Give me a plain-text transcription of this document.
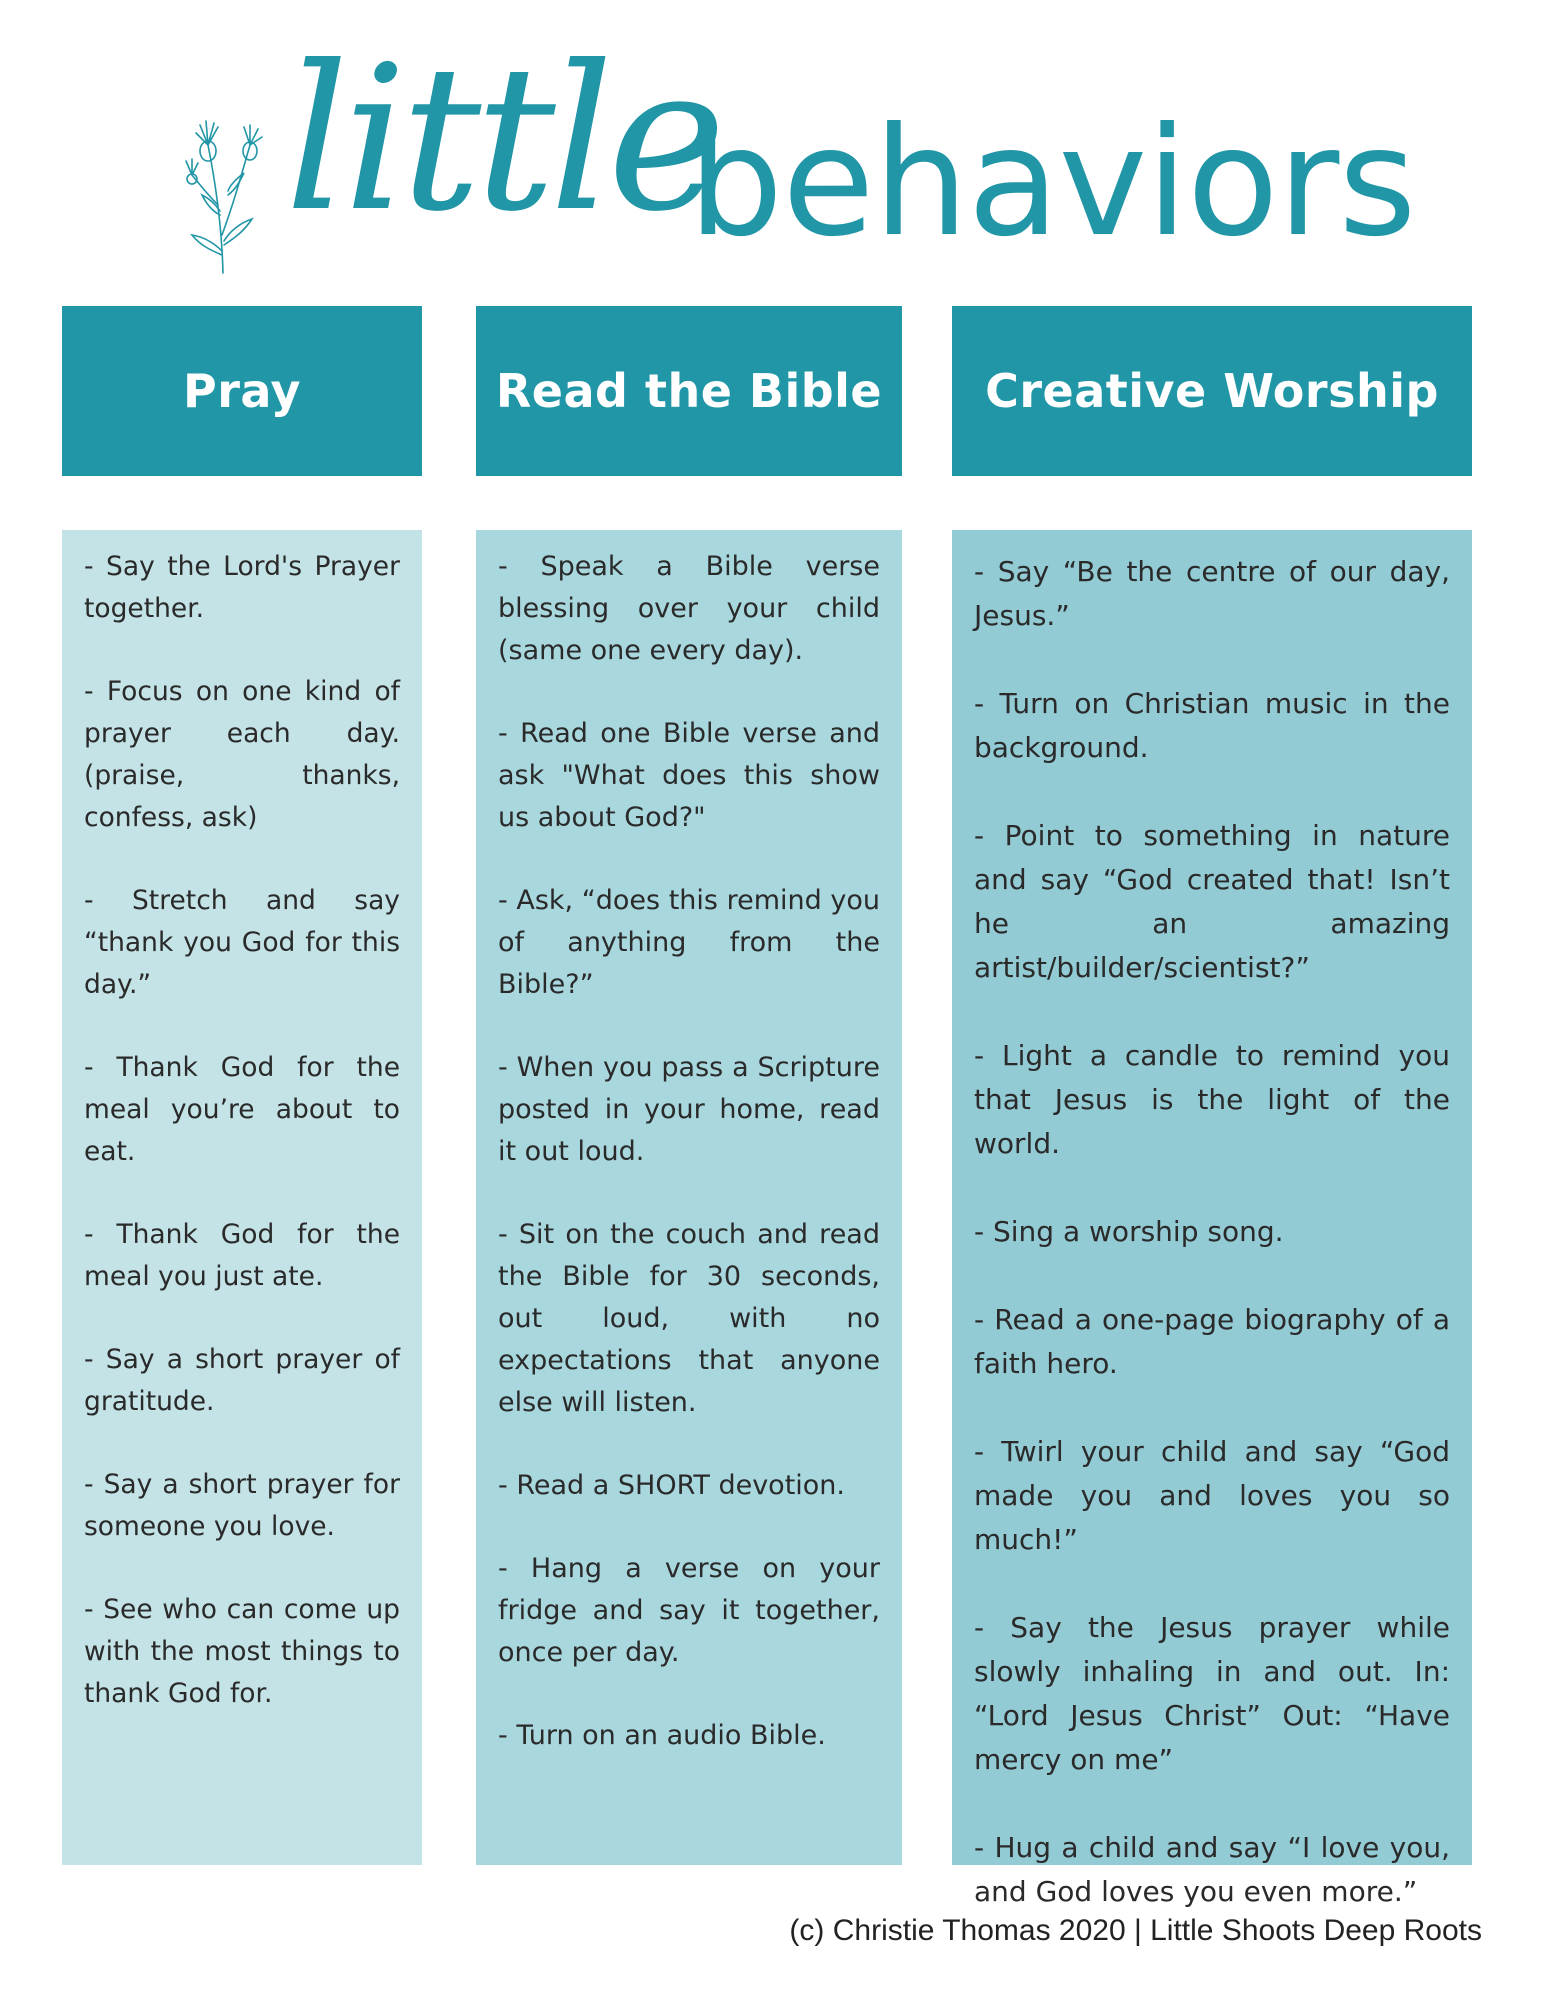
little
behaviors
Pray

- Say the Lord's Prayer together.

- Focus on one kind of prayer each day. (praise, thanks, confess, ask)

- Stretch and say “thank you God for this day.”

- Thank God for the meal you’re about to eat.

- Thank God for the meal you just ate.

- Say a short prayer of gratitude.

- Say a short prayer for someone you love.

- See who can come up with the most things to thank God for.

Read the Bible

- Speak a Bible verse blessing over your child (same one every day).

- Read one Bible verse and ask "What does this show us about God?"

- Ask, “does this remind you of anything from the Bible?”

- When you pass a Scripture posted in your home, read it out loud.

- Sit on the couch and read the Bible for 30 seconds, out loud, with no expectations that anyone else will listen.

- Read a SHORT devotion.

- Hang a verse on your fridge and say it together, once per day.

- Turn on an audio Bible.

Creative Worship

- Say “Be the centre of our day, Jesus.”

- Turn on Christian music in the background.

- Point to something in nature and say “God created that! Isn’t he an amazing artist/builder/scientist?”

- Light a candle to remind you that Jesus is the light of the world.

- Sing a worship song.

- Read a one-page biography of a faith hero.

- Twirl your child and say “God made you and loves you so much!”

- Say the Jesus prayer while slowly inhaling in and out. In: “Lord Jesus Christ” Out: “Have mercy on me”

- Hug a child and say “I love you, and God loves you even more.”

(c) Christie Thomas 2020 | Little Shoots Deep Roots
